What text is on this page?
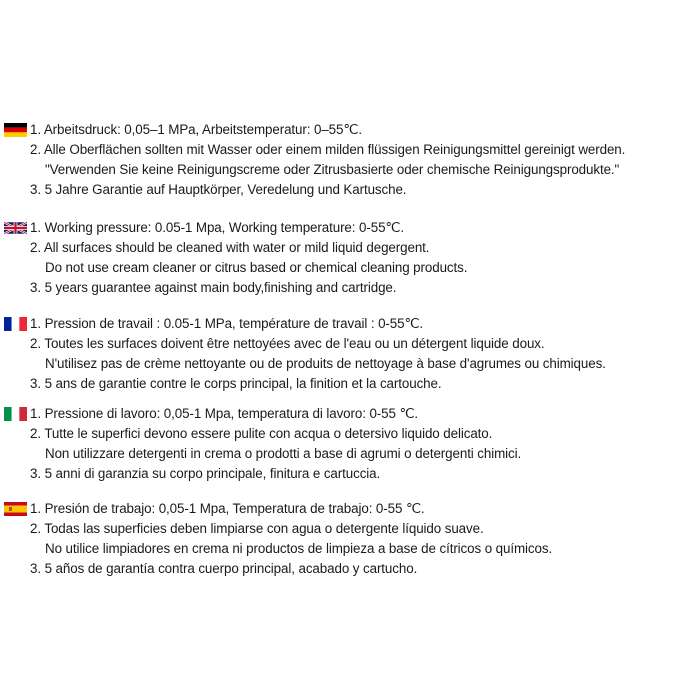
1. Arbeitsdruck: 0,05–1 MPa, Arbeitstemperatur: 0–55℃.
2. Alle Oberflächen sollten mit Wasser oder einem milden flüssigen Reinigungsmittel gereinigt werden.
"Verwenden Sie keine Reinigungscreme oder Zitrusbasierte oder chemische Reinigungsprodukte."
3. 5 Jahre Garantie auf Hauptkörper, Veredelung und Kartusche.
1. Working pressure: 0.05-1 Mpa, Working temperature: 0-55℃.
2. All surfaces should be cleaned with water or mild liquid degergent.
Do not use cream cleaner or citrus based or chemical cleaning products.
3. 5 years guarantee against main body,finishing and cartridge.
1. Pression de travail : 0.05-1 MPa, température de travail : 0-55℃.
2. Toutes les surfaces doivent être nettoyées avec de l'eau ou un détergent liquide doux.
N'utilisez pas de crème nettoyante ou de produits de nettoyage à base d'agrumes ou chimiques.
3. 5 ans de garantie contre le corps principal, la finition et la cartouche.
1. Pressione di lavoro: 0,05-1 Mpa, temperatura di lavoro: 0-55 ℃.
2. Tutte le superfici devono essere pulite con acqua o detersivo liquido delicato.
Non utilizzare detergenti in crema o prodotti a base di agrumi o detergenti chimici.
3. 5 anni di garanzia su corpo principale, finitura e cartuccia.
1. Presión de trabajo: 0,05-1 Mpa, Temperatura de trabajo: 0-55 ℃.
2. Todas las superficies deben limpiarse con agua o detergente líquido suave.
No utilice limpiadores en crema ni productos de limpieza a base de cítricos o químicos.
3. 5 años de garantía contra cuerpo principal, acabado y cartucho.
